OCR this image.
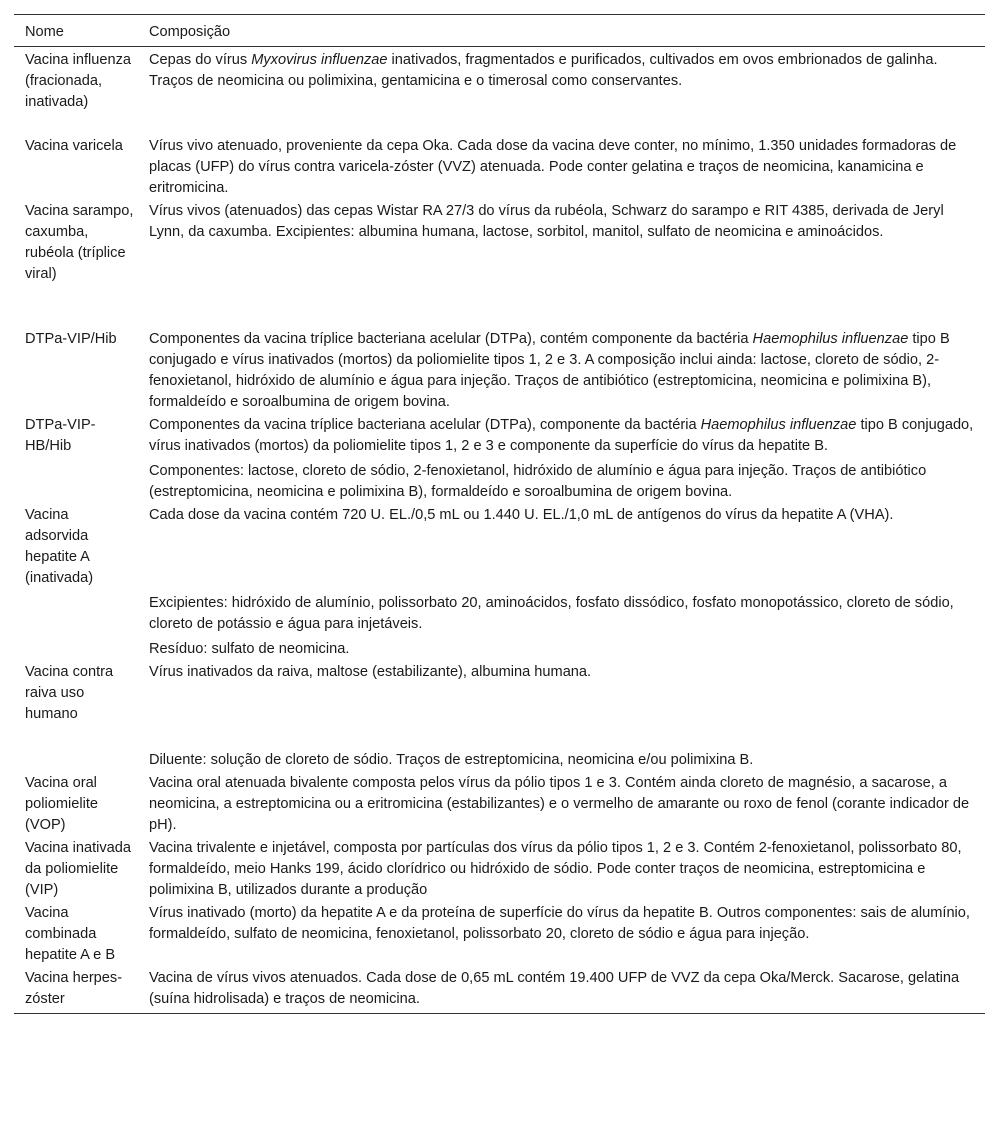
Nome	Composição
Vacina influenza (fracionada, inativada)	Cepas do vírus Myxovirus influenzae inativados, fragmentados e purificados, cultivados em ovos embrionados de galinha. Traços de neomicina ou polimixina, gentamicina e o timerosal como conservantes.
Vacina varicela	Vírus vivo atenuado, proveniente da cepa Oka. Cada dose da vacina deve conter, no mínimo, 1.350 unidades formadoras de placas (UFP) do vírus contra varicela-zóster (VVZ) atenuada. Pode conter gelatina e traços de neomicina, kanamicina e eritromicina.
Vacina sarampo, caxumba, rubéola (tríplice viral)	Vírus vivos (atenuados) das cepas Wistar RA 27/3 do vírus da rubéola, Schwarz do sarampo e RIT 4385, derivada de Jeryl Lynn, da caxumba. Excipientes: albumina humana, lactose, sorbitol, manitol, sulfato de neomicina e aminoácidos.
DTPa-VIP/Hib	Componentes da vacina tríplice bacteriana acelular (DTPa), contém componente da bactéria Haemophilus influenzae tipo B conjugado e vírus inativados (mortos) da poliomielite tipos 1, 2 e 3. A composição inclui ainda: lactose, cloreto de sódio, 2-fenoxietanol, hidróxido de alumínio e água para injeção. Traços de antibiótico (estreptomicina, neomicina e polimixina B), formaldeído e soroalbumina de origem bovina.
DTPa-VIP-HB/Hib	Componentes da vacina tríplice bacteriana acelular (DTPa), componente da bactéria Haemophilus influenzae tipo B conjugado, vírus inativados (mortos) da poliomielite tipos 1, 2 e 3 e componente da superfície do vírus da hepatite B.
	Componentes: lactose, cloreto de sódio, 2-fenoxietanol, hidróxido de alumínio e água para injeção. Traços de antibiótico (estreptomicina, neomicina e polimixina B), formaldeído e soroalbumina de origem bovina.
Vacina adsorvida hepatite A (inativada)	Cada dose da vacina contém 720 U. EL./0,5 mL ou 1.440 U. EL./1,0 mL de antígenos do vírus da hepatite A (VHA).
	Excipientes: hidróxido de alumínio, polissorbato 20, aminoácidos, fosfato dissódico, fosfato monopotássico, cloreto de sódio, cloreto de potássio e água para injetáveis.
	Resíduo: sulfato de neomicina.
Vacina contra raiva uso humano	Vírus inativados da raiva, maltose (estabilizante), albumina humana.
	Diluente: solução de cloreto de sódio. Traços de estreptomicina, neomicina e/ou polimixina B.
Vacina oral poliomielite (VOP)	Vacina oral atenuada bivalente composta pelos vírus da pólio tipos 1 e 3. Contém ainda cloreto de magnésio, a sacarose, a neomicina, a estreptomicina ou a eritromicina (estabilizantes) e o vermelho de amarante ou roxo de fenol (corante indicador de pH).
Vacina inativada da poliomielite (VIP)	Vacina trivalente e injetável, composta por partículas dos vírus da pólio tipos 1, 2 e 3. Contém 2-fenoxietanol, polissorbato 80, formaldeído, meio Hanks 199, ácido clorídrico ou hidróxido de sódio. Pode conter traços de neomicina, estreptomicina e polimixina B, utilizados durante a produção
Vacina combinada hepatite A e B	Vírus inativado (morto) da hepatite A e da proteína de superfície do vírus da hepatite B. Outros componentes: sais de alumínio, formaldeído, sulfato de neomicina, fenoxietanol, polissorbato 20, cloreto de sódio e água para injeção.
Vacina herpes-zóster	Vacina de vírus vivos atenuados. Cada dose de 0,65 mL contém 19.400 UFP de VVZ da cepa Oka/Merck. Sacarose, gelatina (suína hidrolisada) e traços de neomicina.
